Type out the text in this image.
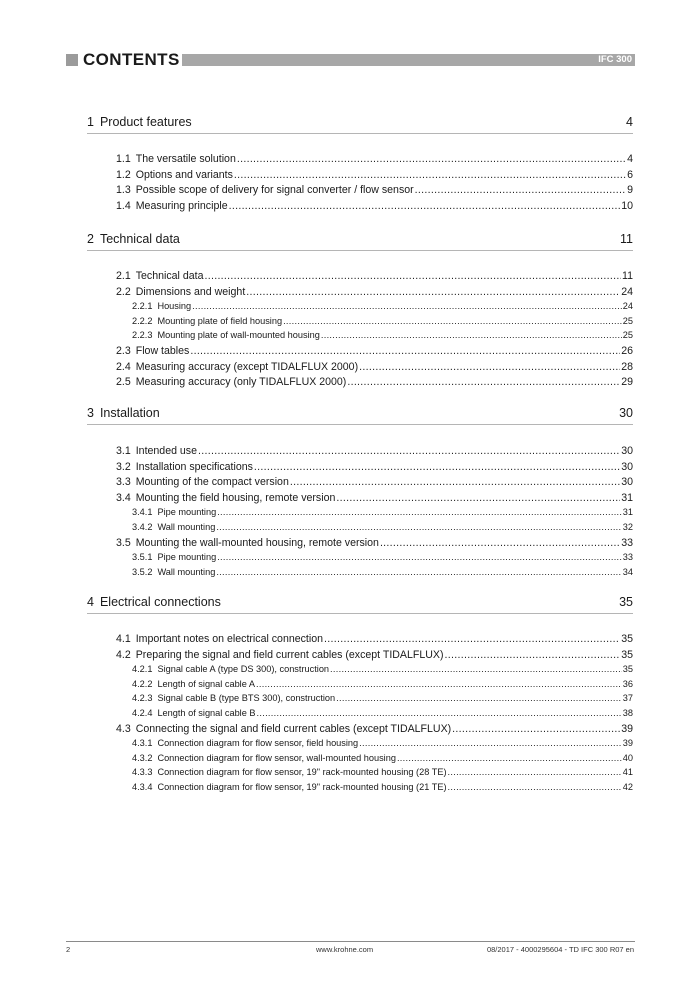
CONTENTS	IFC 300
1 Product features	4
1.1 The versatile solution .....	4
1.2 Options and variants .....	6
1.3 Possible scope of delivery for signal converter / flow sensor .....	9
1.4 Measuring principle .....	10
2 Technical data	11
2.1 Technical data .....	11
2.2 Dimensions and weight .....	24
2.2.1 Housing .....	24
2.2.2 Mounting plate of field housing .....	25
2.2.3 Mounting plate of wall-mounted housing .....	25
2.3 Flow tables .....	26
2.4 Measuring accuracy (except TIDALFLUX 2000) .....	28
2.5 Measuring accuracy (only TIDALFLUX 2000) .....	29
3 Installation	30
3.1 Intended use .....	30
3.2 Installation specifications .....	30
3.3 Mounting of the compact version .....	30
3.4 Mounting the field housing, remote version .....	31
3.4.1 Pipe mounting .....	31
3.4.2 Wall mounting .....	32
3.5 Mounting the wall-mounted housing, remote version .....	33
3.5.1 Pipe mounting .....	33
3.5.2 Wall mounting .....	34
4 Electrical connections	35
4.1 Important notes on electrical connection .....	35
4.2 Preparing the signal and field current cables (except TIDALFLUX) .....	35
4.2.1 Signal cable A (type DS 300), construction .....	35
4.2.2 Length of signal cable A .....	36
4.2.3 Signal cable B (type BTS 300), construction .....	37
4.2.4 Length of signal cable B .....	38
4.3 Connecting the signal and field current cables (except TIDALFLUX) .....	39
4.3.1 Connection diagram for flow sensor, field housing .....	39
4.3.2 Connection diagram for flow sensor, wall-mounted housing .....	40
4.3.3 Connection diagram for flow sensor, 19" rack-mounted housing (28 TE) .....	41
4.3.4 Connection diagram for flow sensor, 19" rack-mounted housing (21 TE) .....	42
2	www.krohne.com	08/2017 - 4000295604 - TD IFC 300 R07 en
